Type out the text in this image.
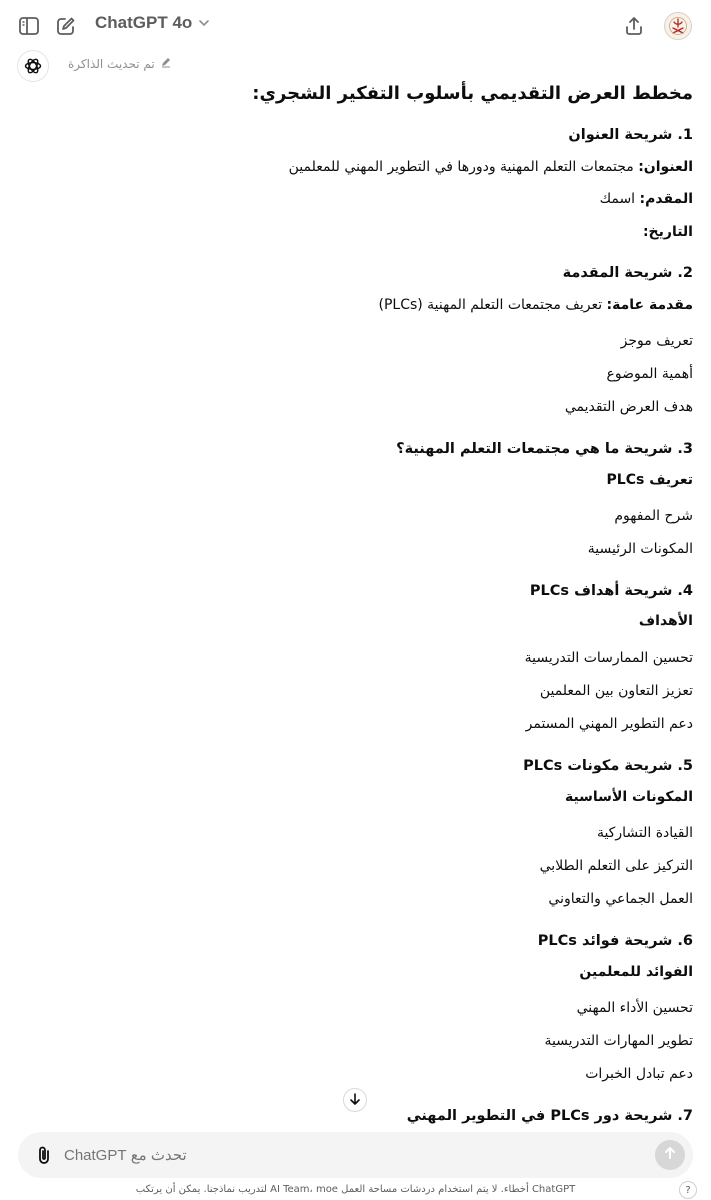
ChatGPT 4o
تم تحديث الذاكرة
مخطط العرض التقديمي بأسلوب التفكير الشجري:
1. شريحة العنوان
العنوان: مجتمعات التعلم المهنية ودورها في التطوير المهني للمعلمين
المقدم: اسمك
التاريخ:
2. شريحة المقدمة
مقدمة عامة: تعريف مجتمعات التعلم المهنية (PLCs)
تعريف موجز
أهمية الموضوع
هدف العرض التقديمي
3. شريحة ما هي مجتمعات التعلم المهنية؟
تعريف PLCs
شرح المفهوم
المكونات الرئيسية
4. شريحة أهداف PLCs
الأهداف
تحسين الممارسات التدريسية
تعزيز التعاون بين المعلمين
دعم التطوير المهني المستمر
5. شريحة مكونات PLCs
المكونات الأساسية
القيادة التشاركية
التركيز على التعلم الطلابي
العمل الجماعي والتعاوني
6. شريحة فوائد PLCs
الفوائد للمعلمين
تحسين الأداء المهني
تطوير المهارات التدريسية
دعم تبادل الخبرات
7. شريحة دور PLCs في التطوير المهني
تحدث مع ChatGPT
ChatGPT أخطاء. لا يتم استخدام دردشات مساحة العمل AI Team، moe لتدريب نماذجنا. يمكن أن يرتكب	?
